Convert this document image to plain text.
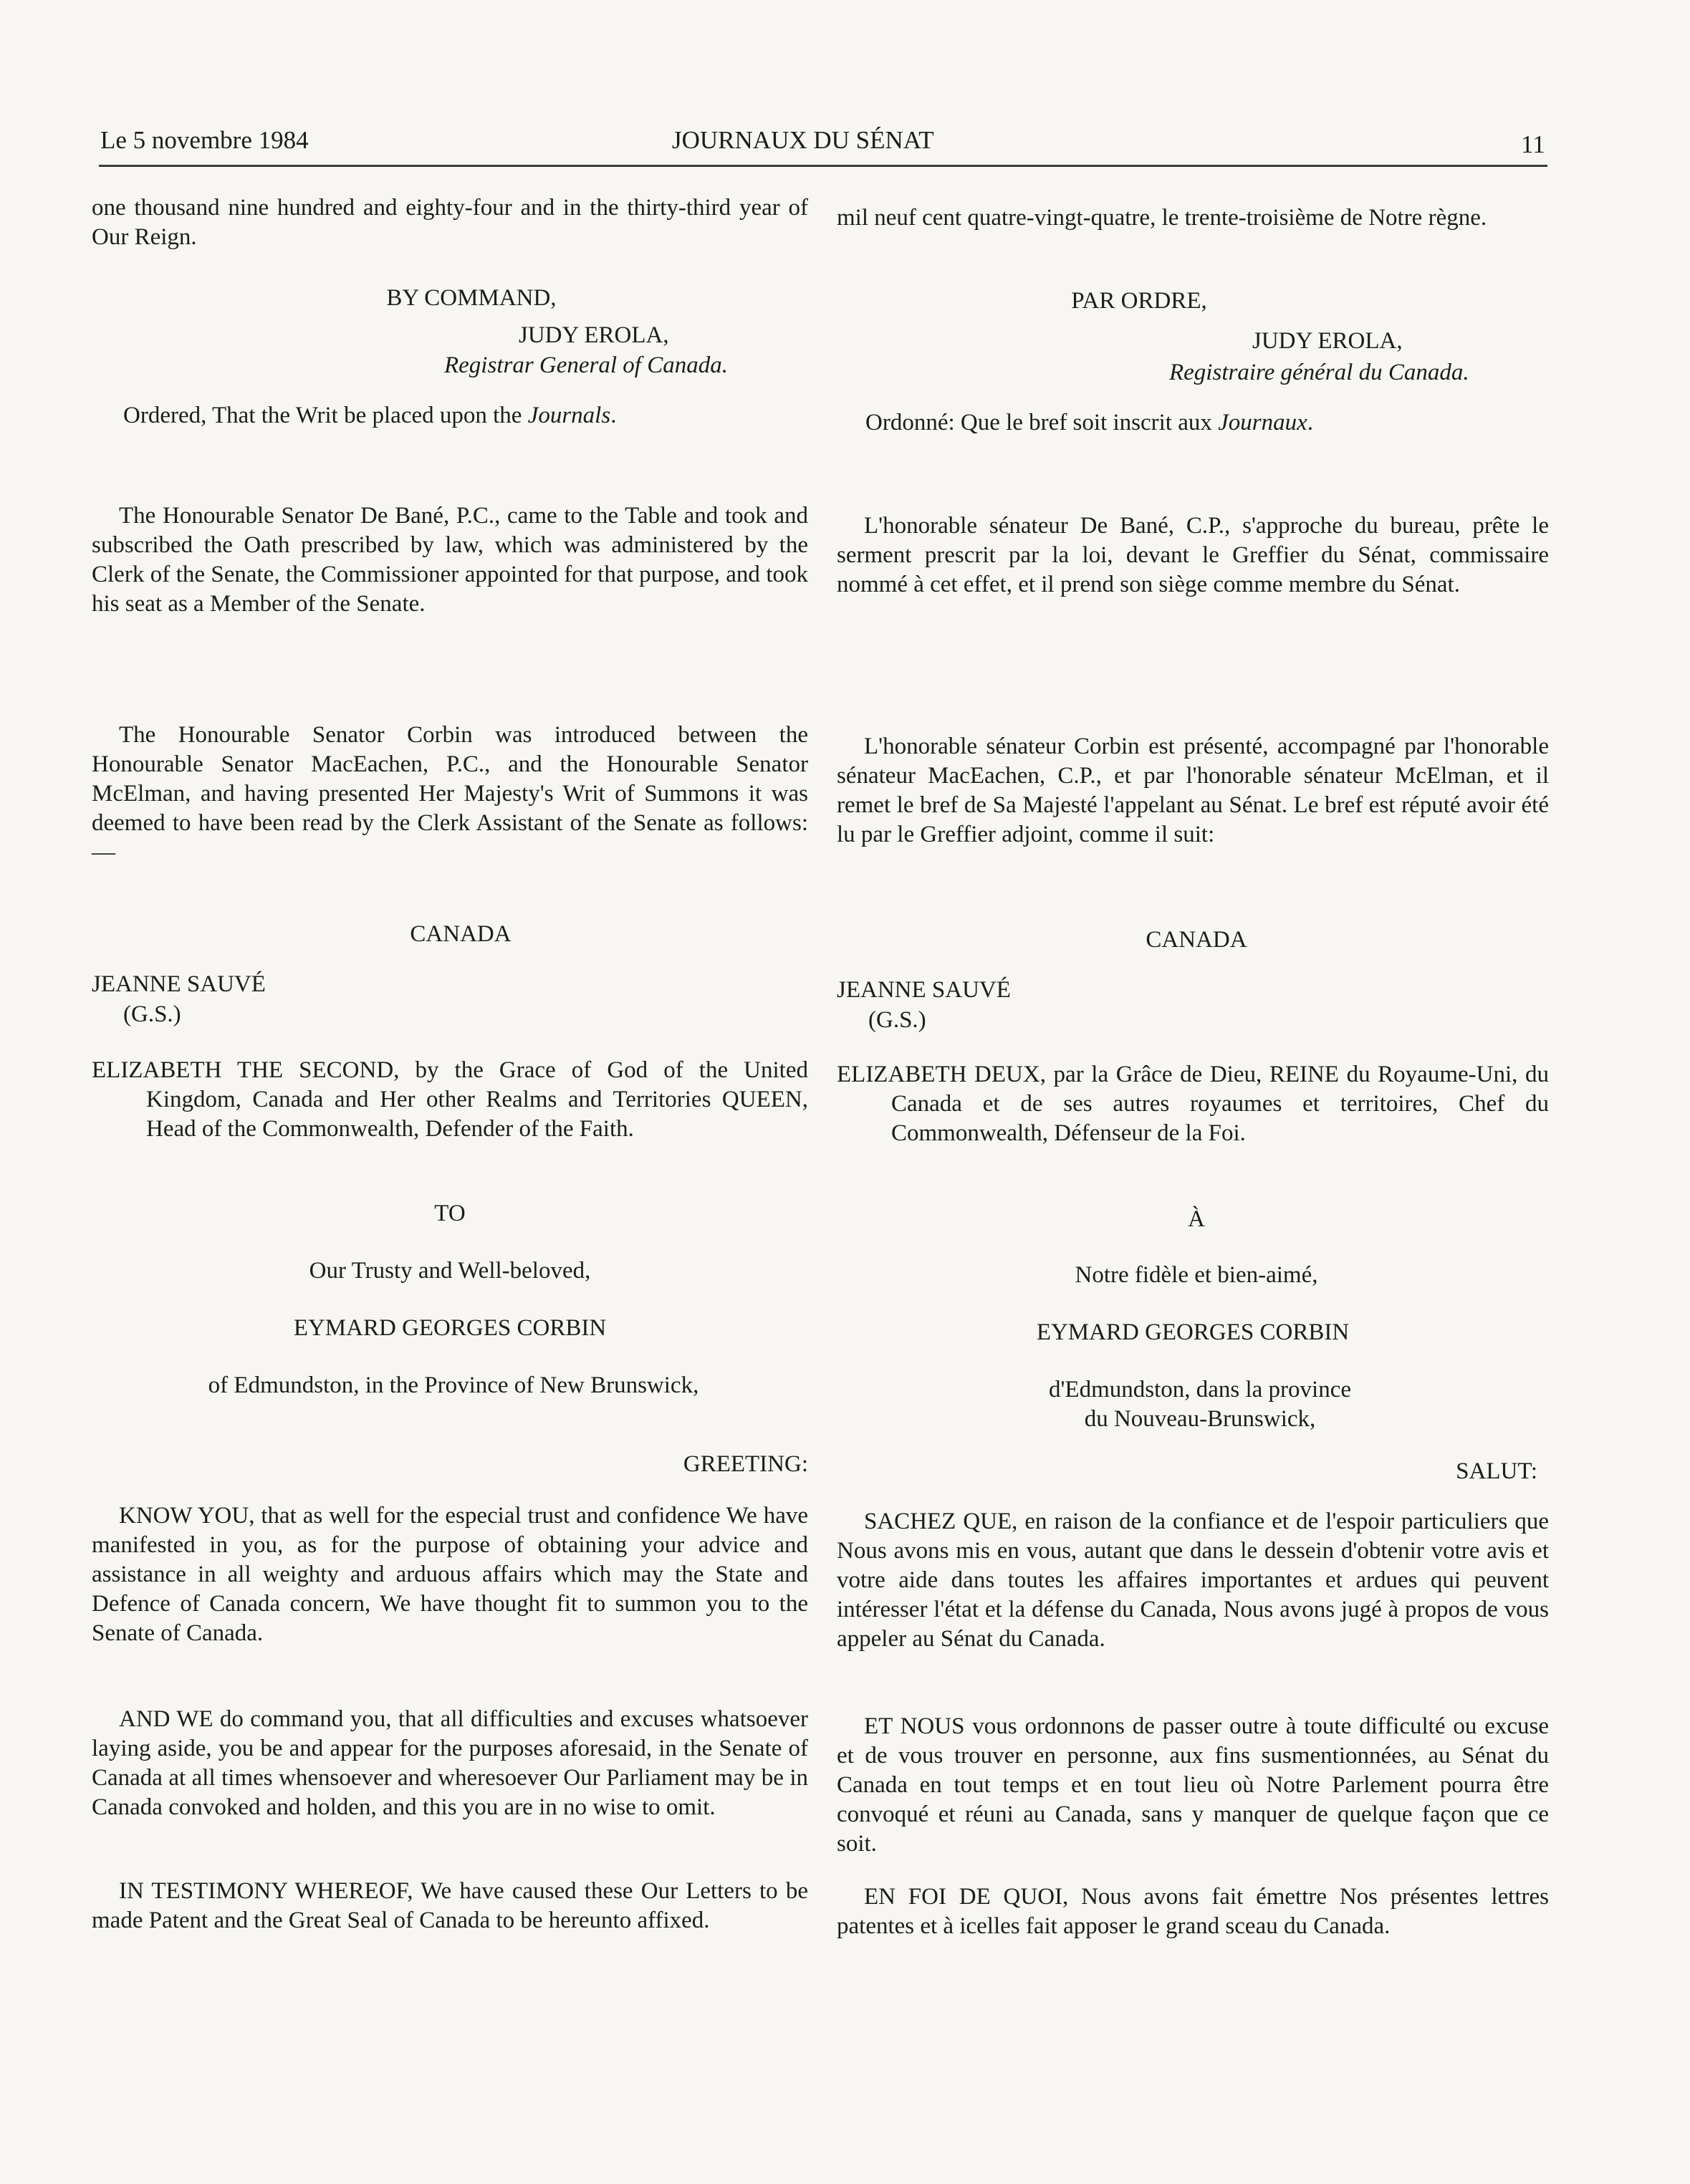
Le 5 novembre 1984	JOURNAUX DU SÉNAT	11

one thousand nine hundred and eighty-four and in the thirty-third year of Our Reign.

BY COMMAND,

JUDY EROLA,

Registrar General of Canada.

Ordered, That the Writ be placed upon the Journals.

The Honourable Senator De Bané, P.C., came to the Table and took and subscribed the Oath prescribed by law, which was administered by the Clerk of the Senate, the Commissioner appointed for that purpose, and took his seat as a Member of the Senate.

The Honourable Senator Corbin was introduced between the Honourable Senator MacEachen, P.C., and the Honourable Senator McElman, and having presented Her Majesty's Writ of Summons it was deemed to have been read by the Clerk Assistant of the Senate as follows:—

CANADA

JEANNE SAUVÉ

(G.S.)

ELIZABETH THE SECOND, by the Grace of God of the United Kingdom, Canada and Her other Realms and Territories QUEEN, Head of the Commonwealth, Defender of the Faith.

TO

Our Trusty and Well-beloved,

EYMARD GEORGES CORBIN

of Edmundston, in the Province of New Brunswick,

GREETING:

KNOW YOU, that as well for the especial trust and confidence We have manifested in you, as for the purpose of obtaining your advice and assistance in all weighty and arduous affairs which may the State and Defence of Canada concern, We have thought fit to summon you to the Senate of Canada.

AND WE do command you, that all difficulties and excuses whatsoever laying aside, you be and appear for the purposes aforesaid, in the Senate of Canada at all times whensoever and wheresoever Our Parliament may be in Canada convoked and holden, and this you are in no wise to omit.

IN TESTIMONY WHEREOF, We have caused these Our Letters to be made Patent and the Great Seal of Canada to be hereunto affixed.

mil neuf cent quatre-vingt-quatre, le trente-troisième de Notre règne.

PAR ORDRE,

JUDY EROLA,

Registraire général du Canada.

Ordonné: Que le bref soit inscrit aux Journaux.

L'honorable sénateur De Bané, C.P., s'approche du bureau, prête le serment prescrit par la loi, devant le Greffier du Sénat, commissaire nommé à cet effet, et il prend son siège comme membre du Sénat.

L'honorable sénateur Corbin est présenté, accompagné par l'honorable sénateur MacEachen, C.P., et par l'honorable sénateur McElman, et il remet le bref de Sa Majesté l'appelant au Sénat. Le bref est réputé avoir été lu par le Greffier adjoint, comme il suit:

CANADA

JEANNE SAUVÉ

(G.S.)

ELIZABETH DEUX, par la Grâce de Dieu, REINE du Royaume-Uni, du Canada et de ses autres royaumes et territoires, Chef du Commonwealth, Défenseur de la Foi.

À

Notre fidèle et bien-aimé,

EYMARD GEORGES CORBIN

d'Edmundston, dans la province

du Nouveau-Brunswick,

SALUT:

SACHEZ QUE, en raison de la confiance et de l'espoir particuliers que Nous avons mis en vous, autant que dans le dessein d'obtenir votre avis et votre aide dans toutes les affaires importantes et ardues qui peuvent intéresser l'état et la défense du Canada, Nous avons jugé à propos de vous appeler au Sénat du Canada.

ET NOUS vous ordonnons de passer outre à toute difficulté ou excuse et de vous trouver en personne, aux fins susmentionnées, au Sénat du Canada en tout temps et en tout lieu où Notre Parlement pourra être convoqué et réuni au Canada, sans y manquer de quelque façon que ce soit.

EN FOI DE QUOI, Nous avons fait émettre Nos présentes lettres patentes et à icelles fait apposer le grand sceau du Canada.
